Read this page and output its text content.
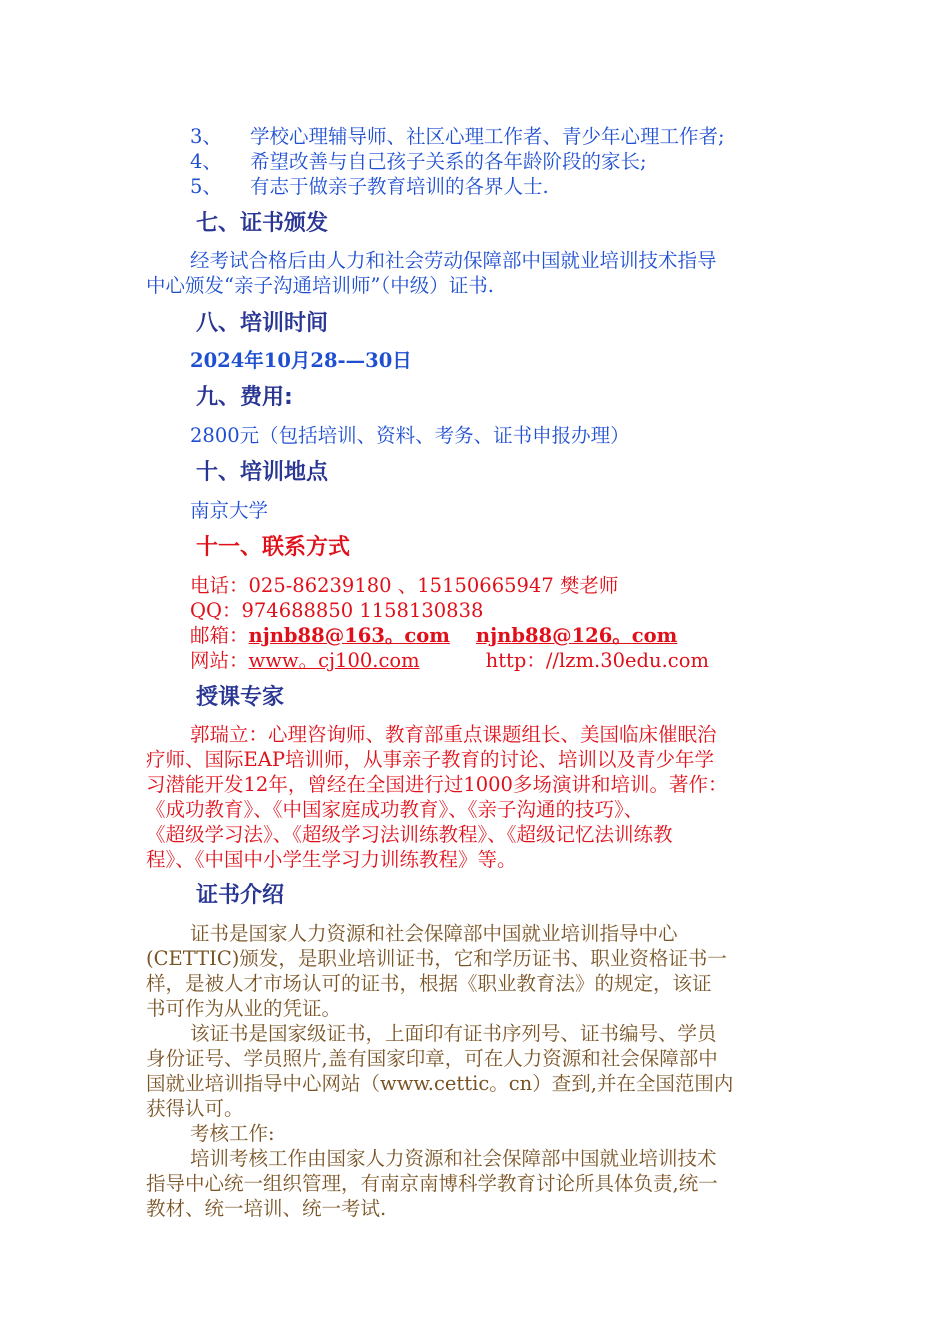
3、 学校心理辅导师、社区心理工作者、青少年心理工作者;
4、 希望改善与自己孩子关系的各年龄阶段的家长;
5、 有志于做亲子教育培训的各界人士.
七、证书颁发
经考试合格后由人力和社会劳动保障部中国就业培训技术指导
中心颁发“亲子沟通培训师”（中级）证书.
八、培训时间
2024年10月28-—30日
九、费用:
2800元（包括培训、资料、考务、证书申报办理）
十、培训地点
南京大学
十一、联系方式
电话：025-86239180 、15150665947 樊老师
QQ：974688850 1158130838
邮箱：njnb88@163。com njnb88@126。com
网站：www。cj100.com	http：//lzm.30edu.com
授课专家
郭瑞立：心理咨询师、教育部重点课题组长、美国临床催眠治
疗师、国际EAP培训师，从事亲子教育的讨论、培训以及青少年学
习潜能开发12年，曾经在全国进行过1000多场演讲和培训。著作：
《成功教育》、《中国家庭成功教育》、《亲子沟通的技巧》、
《超级学习法》、《超级学习法训练教程》、《超级记忆法训练教
程》、《中国中小学生学习力训练教程》等。
证书介绍
证书是国家人力资源和社会保障部中国就业培训指导中心
(CETTIC)颁发，是职业培训证书，它和学历证书、职业资格证书一
样，是被人才市场认可的证书，根据《职业教育法》的规定，该证
书可作为从业的凭证。
该证书是国家级证书，上面印有证书序列号、证书编号、学员
身份证号、学员照片,盖有国家印章，可在人力资源和社会保障部中
国就业培训指导中心网站（www.cettic。cn）查到,并在全国范围内
获得认可。
考核工作:
培训考核工作由国家人力资源和社会保障部中国就业培训技术
指导中心统一组织管理，有南京南博科学教育讨论所具体负责,统一
教材、统一培训、统一考试.
